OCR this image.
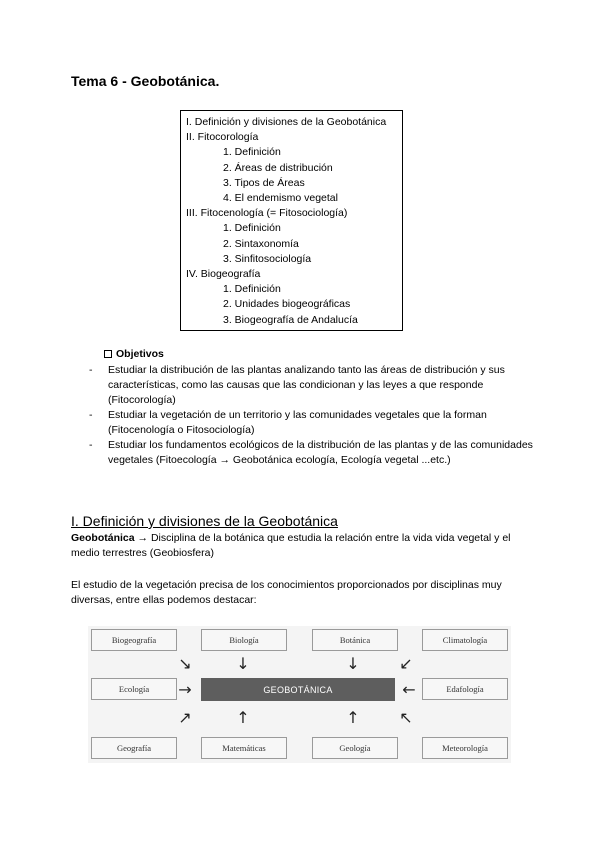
Tema 6 - Geobotánica.
I. Definición y divisiones de la Geobotánica
II. Fitocorología
1. Definición
2. Áreas de distribución
3. Tipos de Áreas
4. El endemismo vegetal
III. Fitocenología (= Fitosociología)
1. Definición
2. Sintaxonomía
3. Sinfitosociología
IV. Biogeografía
1. Definición
2. Unidades biogeográficas
3. Biogeografía de Andalucía
Objetivos
- Estudiar la distribución de las plantas analizando tanto las áreas de distribución y sus características, como las causas que las condicionan y las leyes a que responde (Fitocorología)
- Estudiar la vegetación de un territorio y las comunidades vegetales que la forman (Fitocenología o Fitosociología)
- Estudiar los fundamentos ecológicos de la distribución de las plantas y de las comunidades vegetales (Fitoecología → Geobotánica ecología, Ecología vegetal ...etc.)
I. Definición y divisiones de la Geobotánica
Geobotánica → Disciplina de la botánica que estudia la relación entre la vida vida vegetal y el medio terrestres (Geobiosfera)
El estudio de la vegetación precisa de los conocimientos proporcionados por disciplinas muy diversas, entre ellas podemos destacar:
Biogeografía	Biología	Botánica	Climatología
↘	↓	↓ ↙
Ecología	→	GEOBOTÁNICA	←	Edafología
↗	↑	↑ ↖
Geografía	Matemáticas	Geología	Meteorología
